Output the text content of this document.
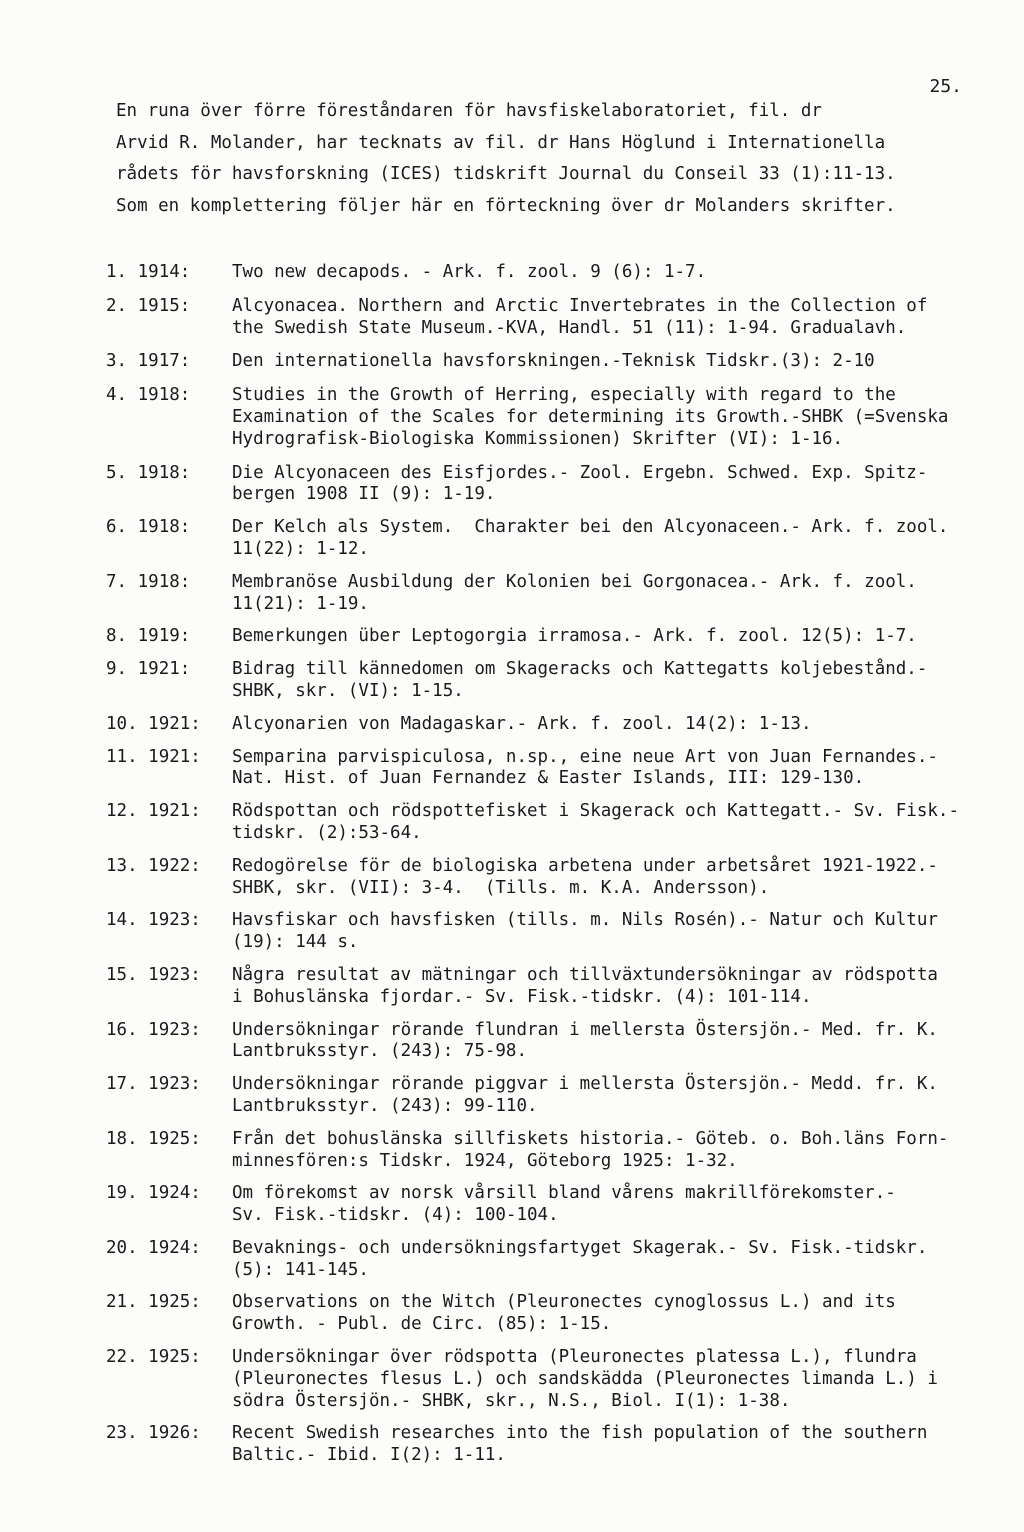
25.

En runa över förre föreståndaren för havsfiskelaboratoriet, fil. dr

Arvid R. Molander, har tecknats av fil. dr Hans Höglund i Internationella

rådets för havsforskning (ICES) tidskrift Journal du Conseil 33 (1):11-13.

Som en komplettering följer här en förteckning över dr Molanders skrifter.

1. 1914:	Two new decapods. - Ark. f. zool. 9 (6): 1-7.

2. 1915:	Alcyonacea. Northern and Arctic Invertebrates in the Collection of

the Swedish State Museum.-KVA, Handl. 51 (11): 1-94. Gradualavh.

3. 1917:	Den internationella havsforskningen.-Teknisk Tidskr.(3): 2-10

4. 1918:	Studies in the Growth of Herring, especially with regard to the

Examination of the Scales for determining its Growth.-SHBK (=Svenska

Hydrografisk-Biologiska Kommissionen) Skrifter (VI): 1-16.

5. 1918:	Die Alcyonaceen des Eisfjordes.- Zool. Ergebn. Schwed. Exp. Spitz-

bergen 1908 II (9): 1-19.

6. 1918:	Der Kelch als System.  Charakter bei den Alcyonaceen.- Ark. f. zool.

11(22): 1-12.

7. 1918:	Membranöse Ausbildung der Kolonien bei Gorgonacea.- Ark. f. zool.

11(21): 1-19.

8. 1919:	Bemerkungen über Leptogorgia irramosa.- Ark. f. zool. 12(5): 1-7.

9. 1921:	Bidrag till kännedomen om Skageracks och Kattegatts koljebestånd.-

SHBK, skr. (VI): 1-15.

10. 1921:	Alcyonarien von Madagaskar.- Ark. f. zool. 14(2): 1-13.

11. 1921:	Semparina parvispiculosa, n.sp., eine neue Art von Juan Fernandes.-

Nat. Hist. of Juan Fernandez & Easter Islands, III: 129-130.

12. 1921:	Rödspottan och rödspottefisket i Skagerack och Kattegatt.- Sv. Fisk.-

tidskr. (2):53-64.

13. 1922:	Redogörelse för de biologiska arbetena under arbetsåret 1921-1922.-

SHBK, skr. (VII): 3-4.  (Tills. m. K.A. Andersson).

14. 1923:	Havsfiskar och havsfisken (tills. m. Nils Rosén).- Natur och Kultur

(19): 144 s.

15. 1923:	Några resultat av mätningar och tillväxtundersökningar av rödspotta

i Bohuslänska fjordar.- Sv. Fisk.-tidskr. (4): 101-114.

16. 1923:	Undersökningar rörande flundran i mellersta Östersjön.- Med. fr. K.

Lantbruksstyr. (243): 75-98.

17. 1923:	Undersökningar rörande piggvar i mellersta Östersjön.- Medd. fr. K.

Lantbruksstyr. (243): 99-110.

18. 1925:	Från det bohuslänska sillfiskets historia.- Göteb. o. Boh.läns Forn-

minnesfören:s Tidskr. 1924, Göteborg 1925: 1-32.

19. 1924:	Om förekomst av norsk vårsill bland vårens makrillförekomster.-

Sv. Fisk.-tidskr. (4): 100-104.

20. 1924:	Bevaknings- och undersökningsfartyget Skagerak.- Sv. Fisk.-tidskr.

(5): 141-145.

21. 1925:	Observations on the Witch (Pleuronectes cynoglossus L.) and its

Growth. - Publ. de Circ. (85): 1-15.

22. 1925:	Undersökningar över rödspotta (Pleuronectes platessa L.), flundra

(Pleuronectes flesus L.) och sandskädda (Pleuronectes limanda L.) i

södra Östersjön.- SHBK, skr., N.S., Biol. I(1): 1-38.

23. 1926:	Recent Swedish researches into the fish population of the southern

Baltic.- Ibid. I(2): 1-11.
